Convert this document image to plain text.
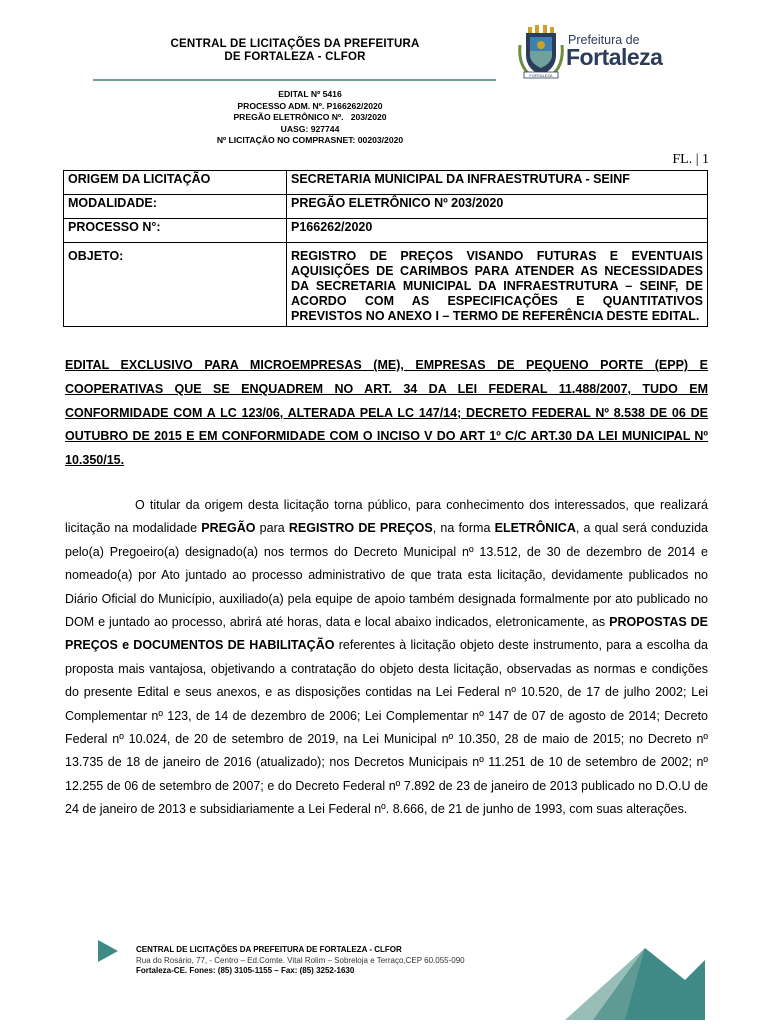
CENTRAL DE LICITAÇÕES DA PREFEITURA
DE FORTALEZA - CLFOR
FORTALEZA
Prefeitura de
Fortaleza
EDITAL Nº 5416
PROCESSO ADM. Nº. P166262/2020
PREGÃO ELETRÔNICO Nº.   203/2020
UASG: 927744
Nº LICITAÇÃO NO COMPRASNET: 00203/2020
FL. | 1
ORIGEM DA LICITAÇÃO	SECRETARIA MUNICIPAL DA INFRAESTRUTURA - SEINF
MODALIDADE:	PREGÃO ELETRÔNICO Nº 203/2020
PROCESSO N°:	P166262/2020
OBJETO:	REGISTRO DE PREÇOS VISANDO FUTURAS E EVENTUAIS AQUISIÇÕES DE CARIMBOS PARA ATENDER AS NECESSIDADES DA SECRETARIA MUNICIPAL DA INFRAESTRUTURA – SEINF, DE ACORDO COM AS ESPECIFICAÇÕES E QUANTITATIVOS PREVISTOS NO ANEXO I – TERMO DE REFERÊNCIA DESTE EDITAL.
EDITAL EXCLUSIVO PARA MICROEMPRESAS (ME), EMPRESAS DE PEQUENO PORTE (EPP) E COOPERATIVAS QUE SE ENQUADREM NO ART. 34 DA LEI FEDERAL 11.488/2007, TUDO EM CONFORMIDADE COM A LC 123/06, ALTERADA PELA LC 147/14; DECRETO FEDERAL Nº 8.538 DE 06 DE OUTUBRO DE 2015 E EM CONFORMIDADE COM O INCISO V DO ART 1º C/C ART.30 DA LEI MUNICIPAL Nº 10.350/15.
O titular da origem desta licitação torna público, para conhecimento dos interessados, que realizará licitação na modalidade PREGÃO para REGISTRO DE PREÇOS, na forma ELETRÔNICA, a qual será conduzida pelo(a) Pregoeiro(a) designado(a) nos termos do Decreto Municipal nº 13.512, de 30 de dezembro de 2014 e nomeado(a) por Ato juntado ao processo administrativo de que trata esta licitação, devidamente publicados no Diário Oficial do Município, auxiliado(a) pela equipe de apoio também designada formalmente por ato publicado no DOM e juntado ao processo, abrirá até horas, data e local abaixo indicados, eletronicamente, as PROPOSTAS DE PREÇOS e DOCUMENTOS DE HABILITAÇÃO referentes à licitação objeto deste instrumento, para a escolha da proposta mais vantajosa, objetivando a contratação do objeto desta licitação, observadas as normas e condições do presente Edital e seus anexos, e as disposições contidas na Lei Federal nº 10.520, de 17 de julho 2002; Lei Complementar nº 123, de 14 de dezembro de 2006; Lei Complementar nº 147 de 07 de agosto de 2014; Decreto Federal nº 10.024, de 20 de setembro de 2019, na Lei Municipal nº 10.350, 28 de maio de 2015; no Decreto nº 13.735 de 18 de janeiro de 2016 (atualizado); nos Decretos Municipais nº 11.251 de 10 de setembro de 2002; nº 12.255 de 06 de setembro de 2007; e do Decreto Federal nº 7.892 de 23 de janeiro de 2013 publicado no D.O.U de 24 de janeiro de 2013 e subsidiariamente a Lei Federal nº. 8.666, de 21 de junho de 1993, com suas alterações.
CENTRAL DE LICITAÇÕES DA PREFEITURA DE FORTALEZA - CLFOR
Rua do Rosário, 77, - Centro – Ed.Comte. Vital Rolim – Sobreloja e Terraço,CEP 60.055-090
Fortaleza-CE. Fones: (85) 3105-1155 – Fax: (85) 3252-1630
